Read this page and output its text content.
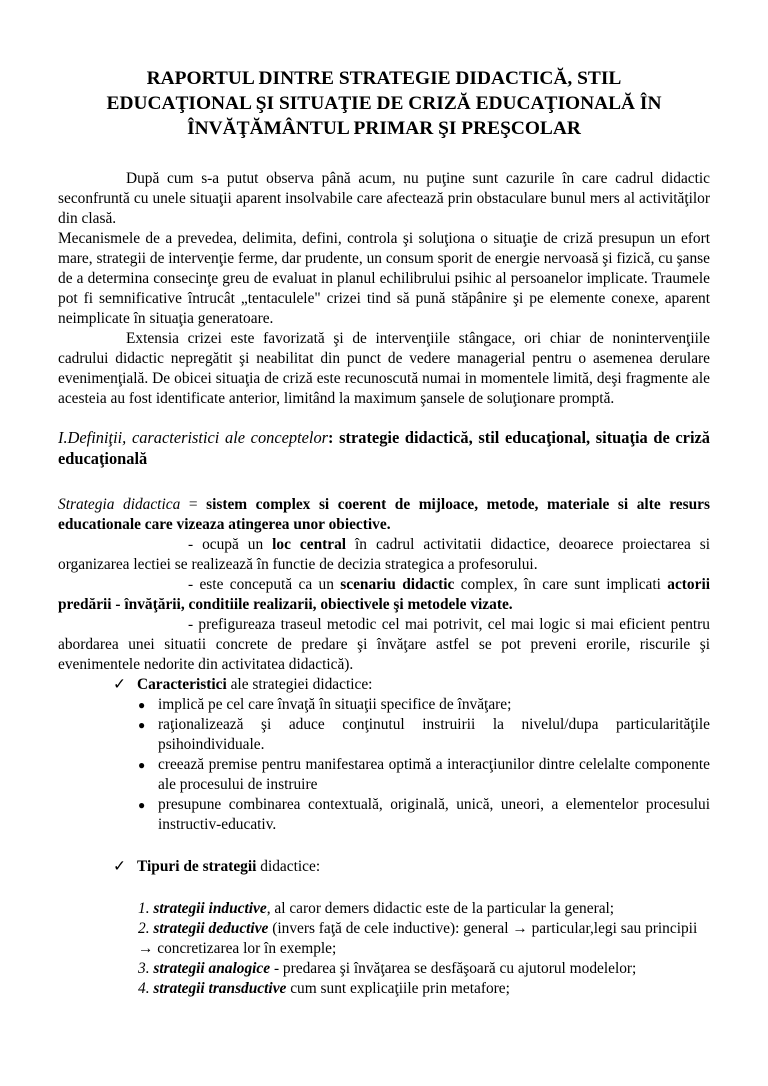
RAPORTUL DINTRE STRATEGIE DIDACTICĂ, STIL
EDUCAŢIONAL ŞI SITUAŢIE DE CRIZĂ EDUCAŢIONALĂ ÎN
ÎNVĂŢĂMÂNTUL PRIMAR ŞI PREŞCOLAR

După cum s-a putut observa până acum, nu puţine sunt cazurile în care cadrul didactic seconfruntă cu unele situaţii aparent insolvabile care afectează prin obstaculare bunul mers al activităţilor din clasă.

Mecanismele de a prevedea, delimita, defini, controla şi soluţiona o situaţie de criză presupun un efort mare, strategii de intervenţie ferme, dar prudente, un consum sporit de energie nervoasă şi fizică, cu şanse de a determina consecinţe greu de evaluat in planul echilibrului psihic al persoanelor implicate. Traumele pot fi semnificative întrucât „tentaculele" crizei tind să pună stăpânire şi pe elemente conexe, aparent neimplicate în situaţia generatoare.

Extensia crizei este favorizată şi de intervenţiile stângace, ori chiar de nonintervenţiile cadrului didactic nepregătit şi neabilitat din punct de vedere managerial pentru o asemenea derulare evenimenţială. De obicei situaţia de criză este recunoscută numai in momentele limită, deşi fragmente ale acesteia au fost identificate anterior, limitând la maximum şansele de soluţionare promptă.

I.Definiţii, caracteristici ale conceptelor: strategie didactică, stil educaţional, situaţia de criză educaţională

Strategia didactica = sistem complex si coerent de mijloace, metode, materiale si alte resurs educationale care vizeaza atingerea unor obiective.

- ocupă un loc central în cadrul activitatii didactice, deoarece proiectarea si organizarea lectiei se realizează în functie de decizia strategica a profesorului.

- este concepută ca un scenariu didactic complex, în care sunt implicati actorii predării - învăţării, conditiile realizarii, obiectivele şi metodele vizate.

- prefigureaza traseul metodic cel mai potrivit, cel mai logic si mai eficient pentru abordarea unei situatii concrete de predare şi învăţare astfel se pot preveni erorile, riscurile şi evenimentele nedorite din activitatea didactică).

✓ Caracteristici ale strategiei didactice:
● implică pe cel care învaţă în situaţii specifice de învăţare;
● raţionalizează şi aduce conţinutul instruirii la nivelul/dupa particularităţile psihoindividuale.
● creează premise pentru manifestarea optimă a interacţiunilor dintre celelalte componente ale procesului de instruire
● presupune combinarea contextuală, originală, unică, uneori, a elementelor procesului instructiv-educativ.
✓ Tipuri de strategii didactice:

1. strategii inductive, al caror demers didactic este de la particular la general;

2. strategii deductive (invers faţă de cele inductive): general → particular,legi sau principii → concretizarea lor în exemple;

3. strategii analogice - predarea şi învăţarea se desfăşoară cu ajutorul modelelor;

4. strategii transductive cum sunt explicaţiile prin metafore;
